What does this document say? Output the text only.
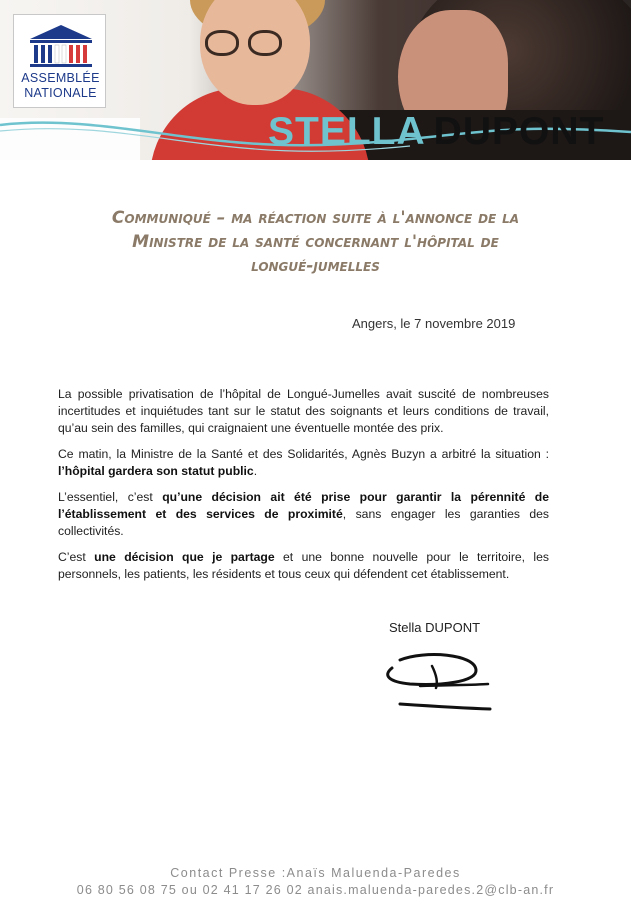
ASSEMBLÉE
NATIONALE
STELLA DUPONT
Communiqué – ma réaction suite à l'annonce de la
Ministre de la santé concernant l'hôpital de
longué-jumelles
Angers, le 7 novembre 2019

La possible privatisation de l’hôpital de Longué-Jumelles avait suscité de nombreuses incertitudes et inquiétudes tant sur le statut des soignants et leurs conditions de travail, qu’au sein des familles, qui craignaient une éventuelle montée des prix.

Ce matin, la Ministre de la Santé et des Solidarités, Agnès Buzyn a arbitré la situation : l’hôpital gardera son statut public.

L’essentiel, c’est qu’une décision ait été prise pour garantir la pérennité de l’établissement et des services de proximité, sans engager les garanties des collectivités.

C’est une décision que je partage et une bonne nouvelle pour le territoire, les personnels, les patients, les résidents et tous ceux qui défendent cet établissement.

Stella DUPONT
Contact Presse :Anaïs Maluenda-Paredes
06 80 56 08 75 ou 02 41 17 26 02 anais.maluenda-paredes.2@clb-an.fr
